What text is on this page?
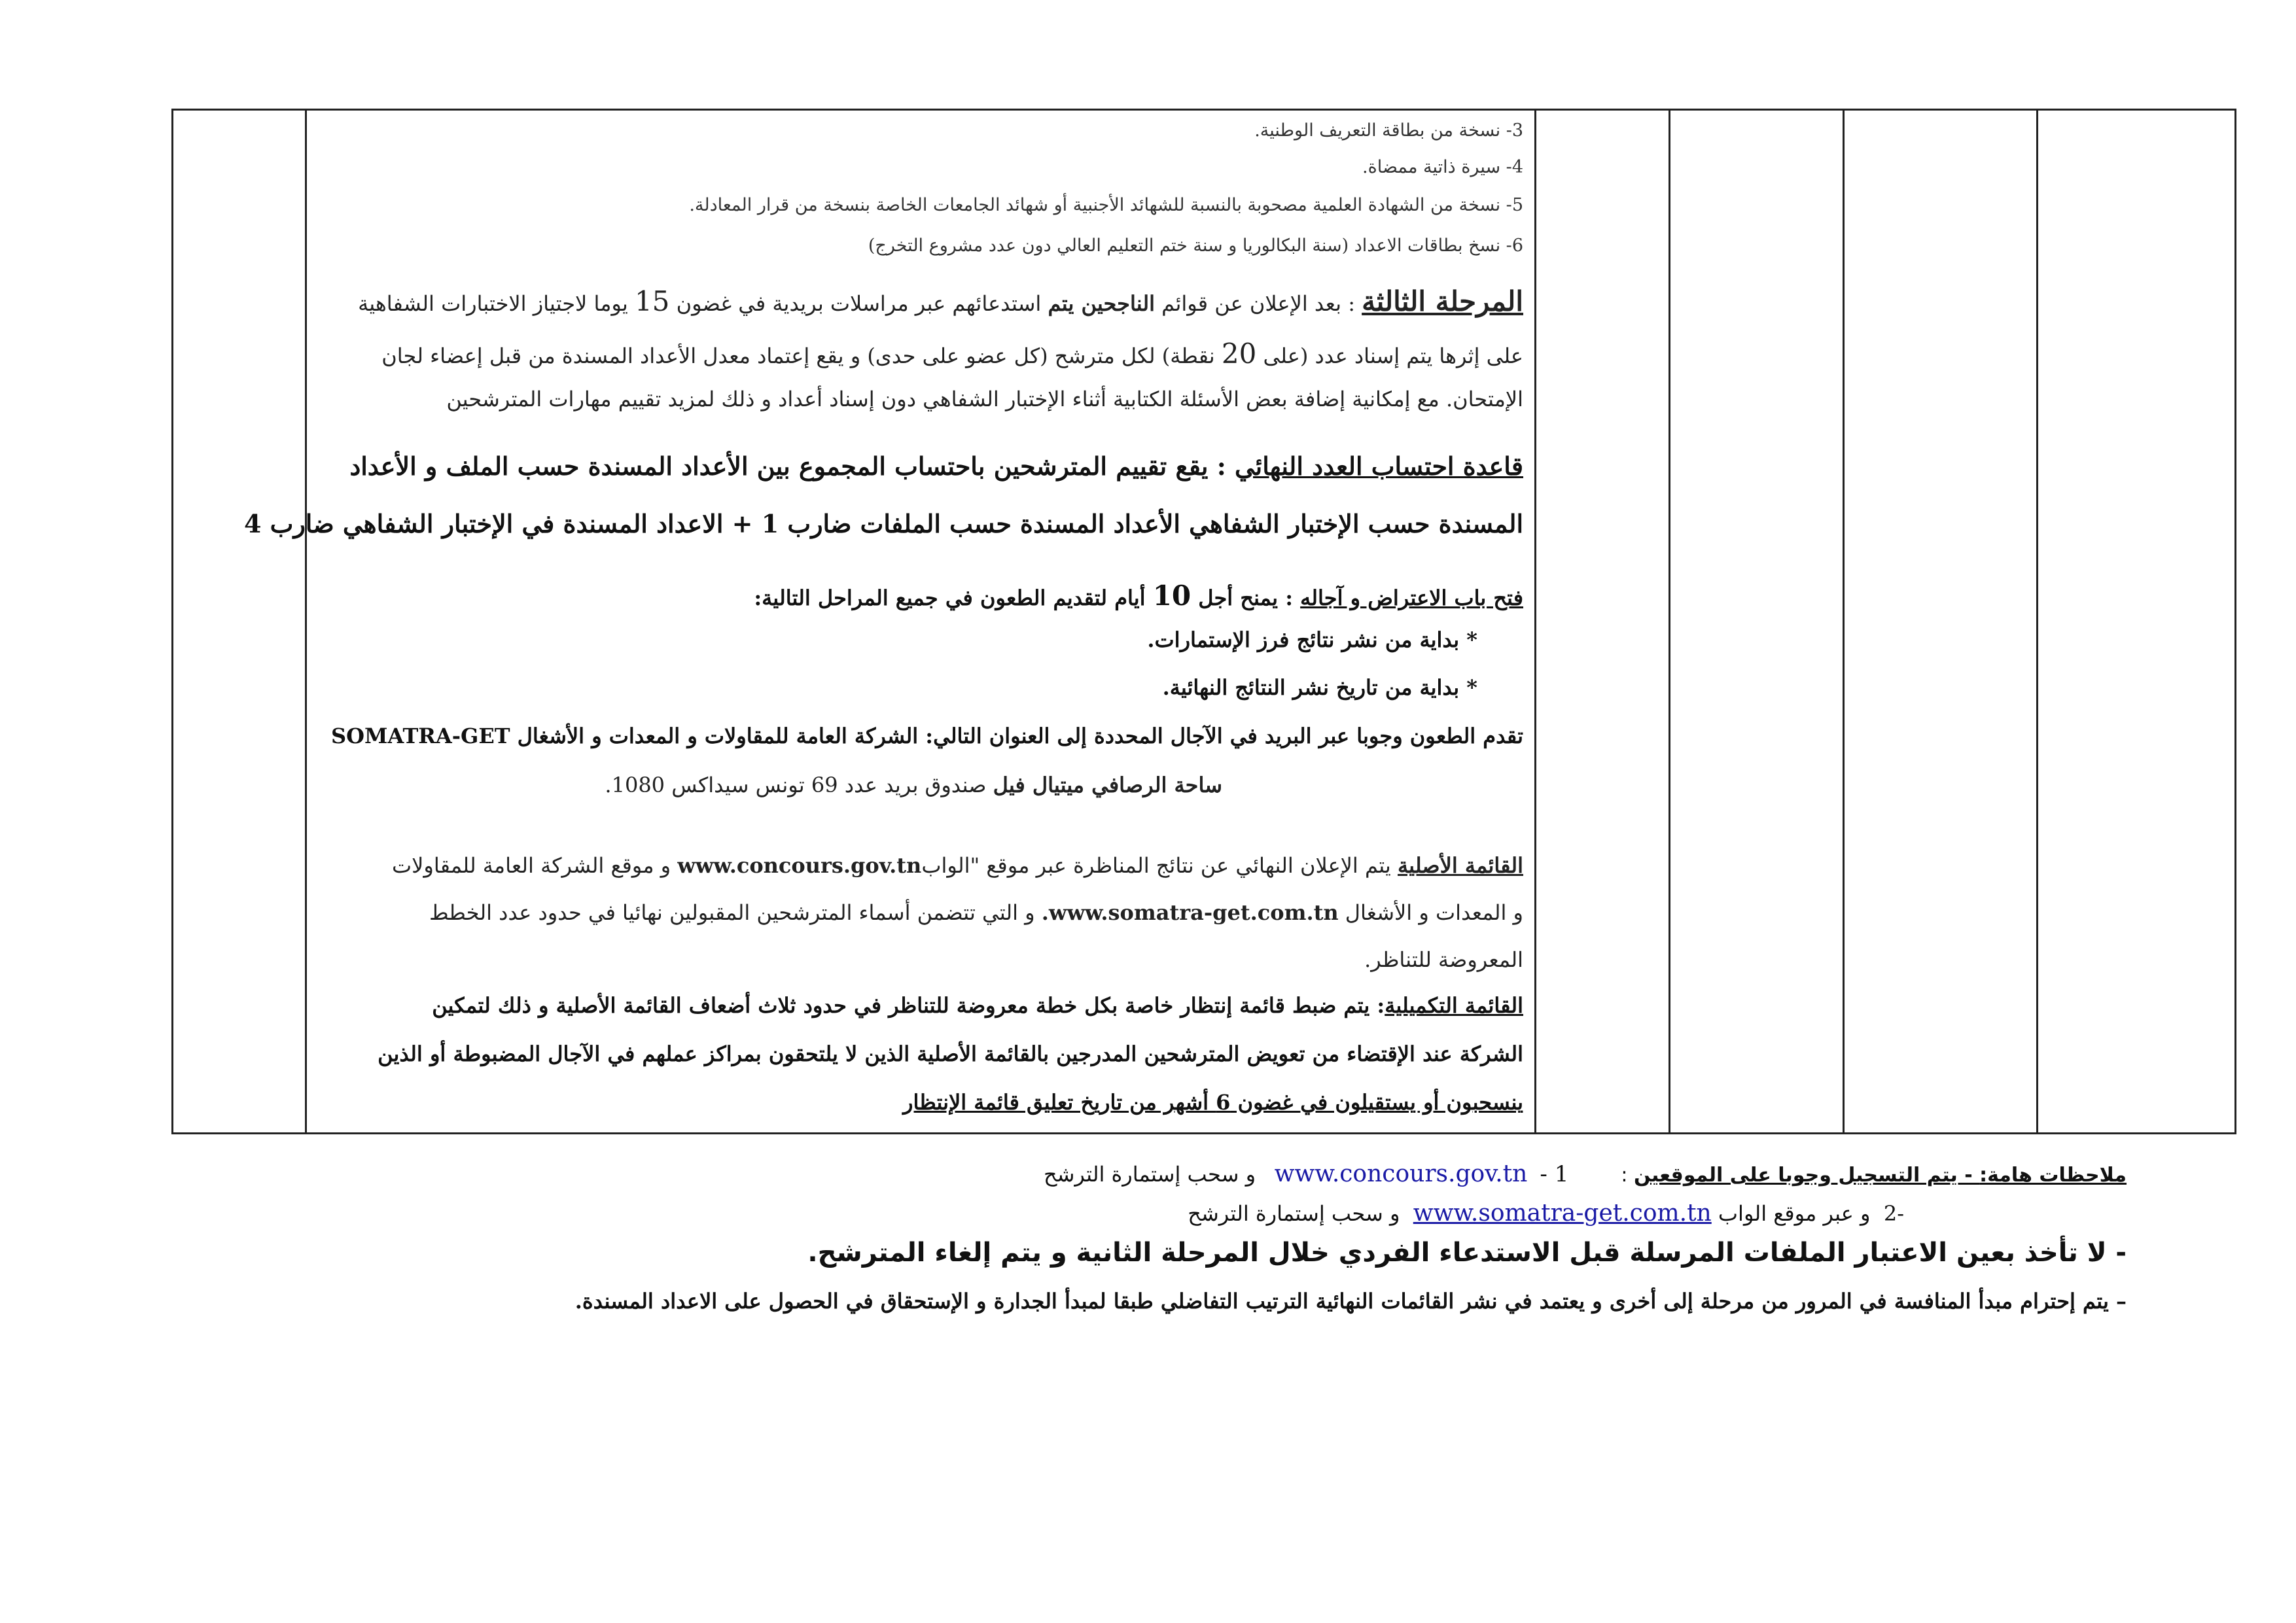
3- نسخة من بطاقة التعريف الوطنية.
4- سيرة ذاتية ممضاة.
5- نسخة من الشهادة العلمية مصحوبة بالنسبة للشهائد الأجنبية أو شهائد الجامعات الخاصة بنسخة من قرار المعادلة.
6- نسخ بطاقات الاعداد (سنة البكالوريا و سنة ختم التعليم العالي دون عدد مشروع التخرج)
المرحلة الثالثة : بعد الإعلان عن قوائم الناجحين يتم استدعائهم عبر مراسلات بريدية في غضون 15 يوما لاجتياز الاختبارات الشفاهية
على إثرها يتم إسناد عدد (على 20 نقطة) لكل مترشح (كل عضو على حدى) و يقع إعتماد معدل الأعداد المسندة من قبل إعضاء لجان
الإمتحان. مع إمكانية إضافة بعض الأسئلة الكتابية أثناء الإختبار الشفاهي دون إسناد أعداد و ذلك لمزيد تقييم مهارات المترشحين
قاعدة احتساب العدد النهائي : يقع تقييم المترشحين باحتساب المجموع بين الأعداد المسندة حسب الملف و الأعداد
المسندة حسب الإختبار الشفاهي الأعداد المسندة حسب الملفات ضارب 1 + الاعداد المسندة في الإختبار الشفاهي ضارب 4
فتح باب الاعتراض و آجاله : يمنح أجل 10 أيام لتقديم الطعون في جميع المراحل التالية:
* بداية من نشر نتائج فرز الإستمارات.
* بداية من تاريخ نشر النتائج النهائية.
تقدم الطعون وجوبا عبر البريد في الآجال المحددة إلى العنوان التالي: الشركة العامة للمقاولات و المعدات و الأشغال SOMATRA-GET
ساحة الرصافي ميتيال فيل صندوق بريد عدد 69 تونس سيداكس 1080.
القائمة الأصلية يتم الإعلان النهائي عن نتائج المناظرة عبر موقع "الوابwww.concours.gov.tn و موقع الشركة العامة للمقاولات
و المعدات و الأشغال www.somatra-get.com.tn. و التي تتضمن أسماء المترشحين المقبولين نهائيا في حدود عدد الخطط
المعروضة للتناظر.
القائمة التكميلية: يتم ضبط قائمة إنتظار خاصة بكل خطة معروضة للتناظر في حدود ثلاث أضعاف القائمة الأصلية و ذلك لتمكين
الشركة عند الإقتضاء من تعويض المترشحين المدرجين بالقائمة الأصلية الذين لا يلتحقون بمراكز عملهم في الآجال المضبوطة أو الذين
ينسحبون أو يستقيلون في غضون 6 أشهر من تاريخ تعليق قائمة الإنتظار
ملاحظات هامة: - يتم التسجيل وجوبا على الموقعين :1 -  www.concours.gov.tn   و سحب إستمارة الترشح
-2  و عبر موقع الواب www.somatra-get.com.tn  و سحب إستمارة الترشح
- لا تأخذ بعين الاعتبار الملفات المرسلة قبل الاستدعاء الفردي خلال المرحلة الثانية و يتم إلغاء المترشح.
– يتم إحترام مبدأ المنافسة في المرور من مرحلة إلى أخرى و يعتمد في نشر القائمات النهائية الترتيب التفاضلي طبقا لمبدأ الجدارة و الإستحقاق في الحصول على الاعداد المسندة.
